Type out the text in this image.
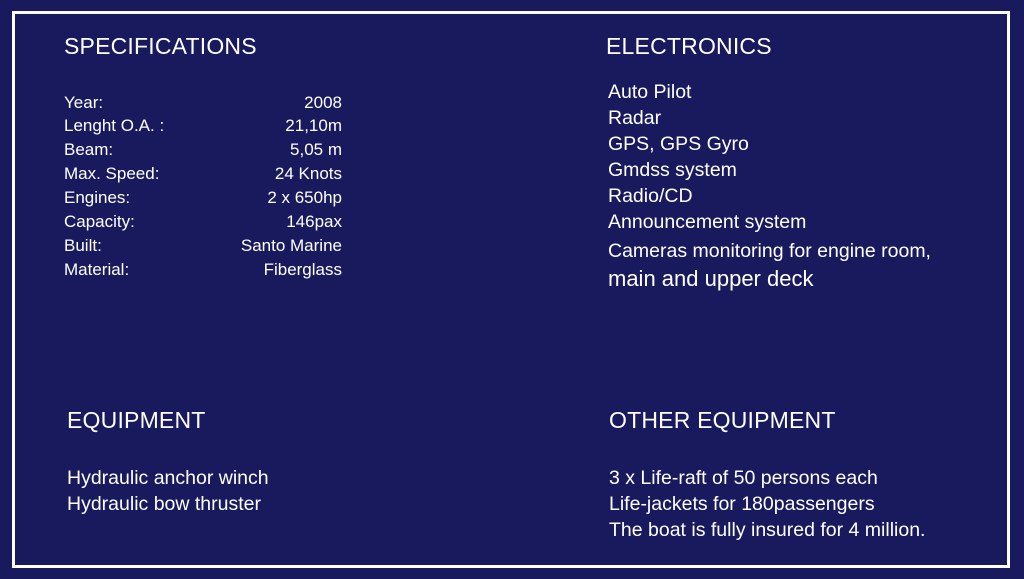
SPECIFICATIONS
Year:	2008
Lenght O.A. :	21,10m
Beam:	5,05 m
Max. Speed:	24 Knots
Engines:	2 x 650hp
Capacity:	146pax
Built:	Santo Marine
Material:	Fiberglass
ELECTRONICS
Auto Pilot
Radar
GPS, GPS Gyro
Gmdss system
Radio/CD
Announcement system
Cameras monitoring for engine room,
main and upper deck
EQUIPMENT
Hydraulic anchor winch
Hydraulic bow thruster
OTHER EQUIPMENT
3 x Life-raft of 50 persons each
Life-jackets for 180passengers
The boat is fully insured for 4 million.
